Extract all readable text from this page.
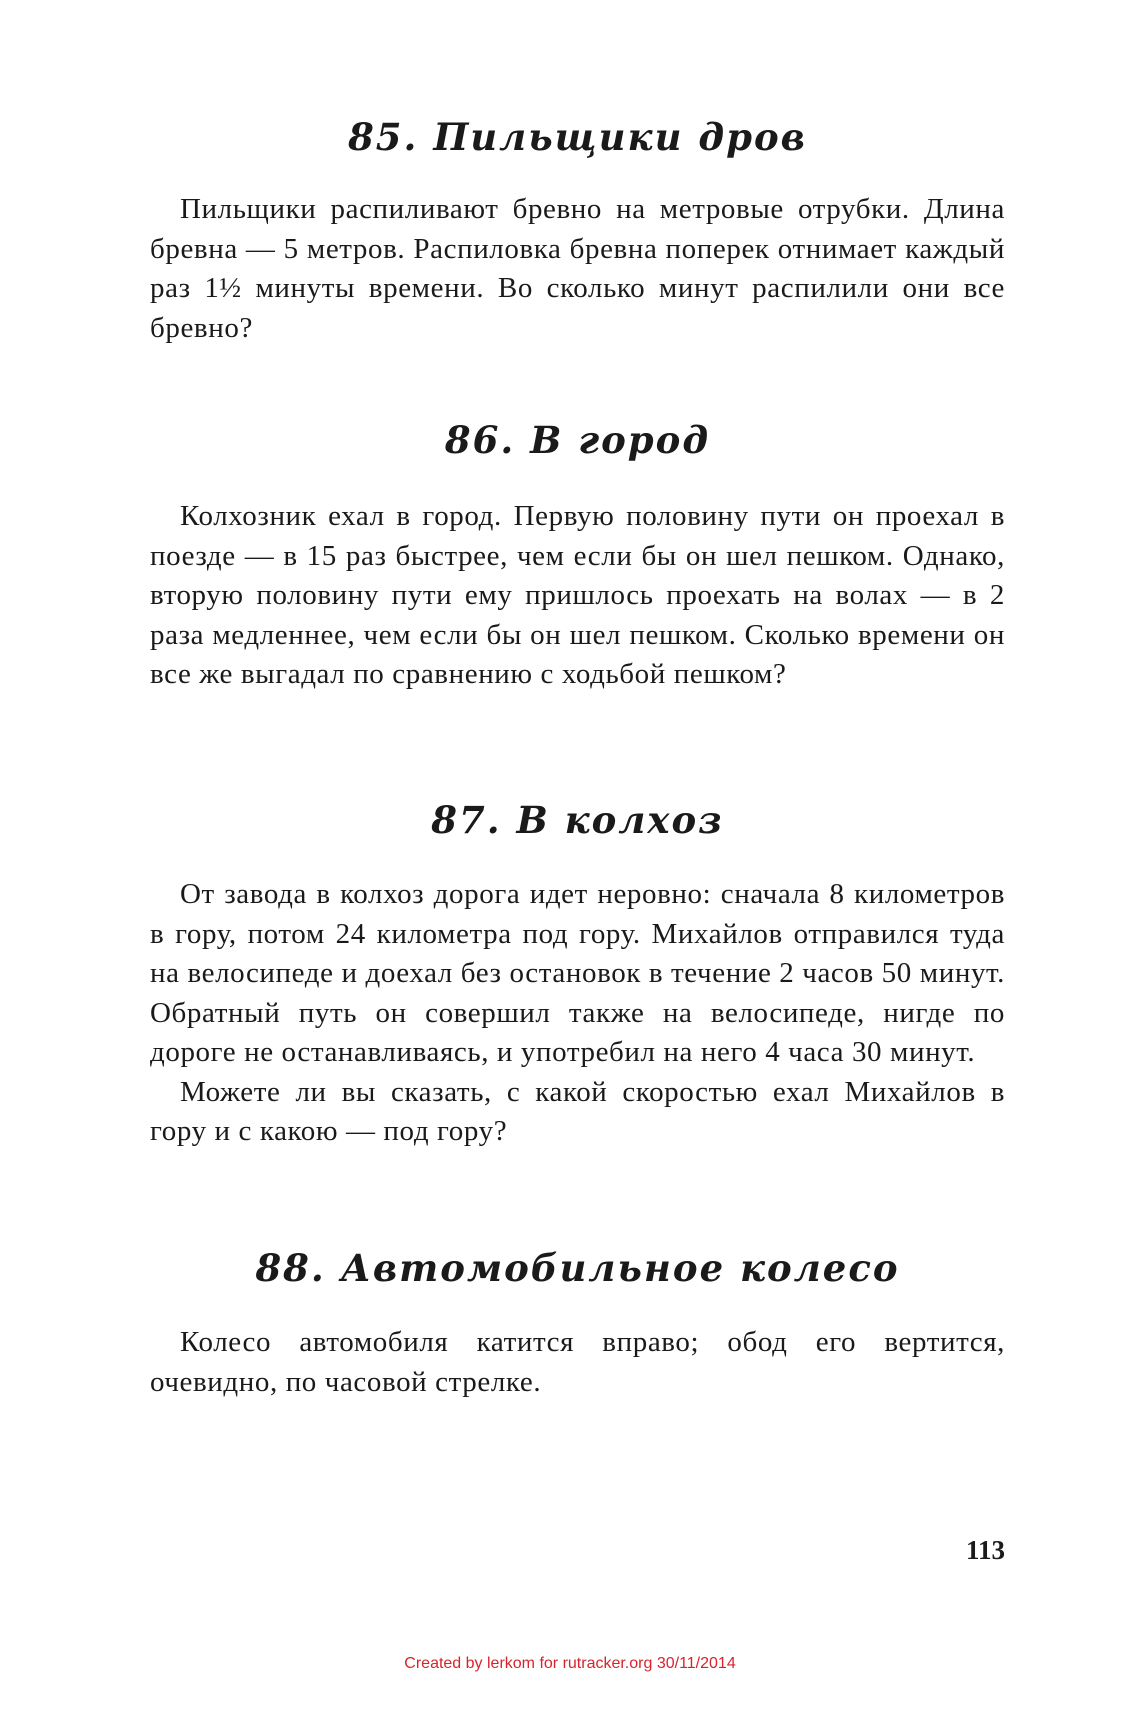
85. Пильщики дров

Пильщики распиливают бревно на метровые отрубки. Длина бревна — 5 метров. Распиловка бревна поперек отнимает каждый раз 1½ минуты времени. Во сколько минут распилили они все бревно?

86. В город

Колхозник ехал в город. Первую половину пути он проехал в поезде — в 15 раз быстрее, чем если бы он шел пешком. Однако, вторую половину пути ему пришлось проехать на волах — в 2 раза медленнее, чем если бы он шел пешком. Сколько времени он все же выгадал по сравнению с ходьбой пешком?

87. В колхоз

От завода в колхоз дорога идет неровно: сначала 8 километров в гору, потом 24 километра под гору. Михайлов отправился туда на велосипеде и доехал без остановок в течение 2 часов 50 минут. Обратный путь он совершил также на велосипеде, нигде по дороге не останавливаясь, и употребил на него 4 часа 30 минут.

Можете ли вы сказать, с какой скоростью ехал Михайлов в гору и с какою — под гору?

88. Автомобильное колесо

Колесо автомобиля катится вправо; обод его вертится, очевидно, по часовой стрелке.

113
Created by lerkom for rutracker.org 30/11/2014
